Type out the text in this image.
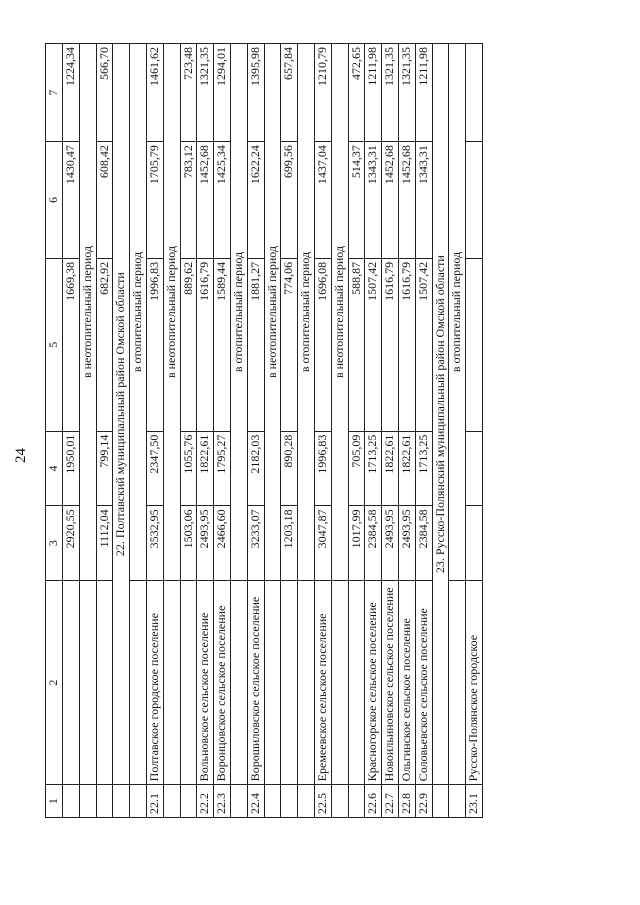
24
1	2	3	4	5	6	7
		2920,55	1950,01	1669,38	1430,47	1224,34
		в неотопительный период				
		1112,04	799,14	682,92	608,42	566,70
	22. Полтавский муниципальный район Омской области					
		в отопительный период				
22.1	Полтавское городское поселение	3532,95	2347,50	1996,83	1705,79	1461,62
		в неотопительный период				
		1503,06	1055,76	889,62	783,12	723,48
22.2	Вольновское сельское поселение	2493,95	1822,61	1616,79	1452,68	1321,35
22.3	Воронцовское сельское поселение	2466,60	1795,27	1589,44	1425,34	1294,01
		в отопительный период				
22.4	Ворошиловское сельское поселение	3233,07	2182,03	1881,27	1622,24	1395,98
		в неотопительный период				
		1203,18	890,28	774,06	699,56	657,84
		в отопительный период				
22.5	Еремеевское сельское поселение	3047,87	1996,83	1696,08	1437,04	1210,79
		в неотопительный период				
		1017,99	705,09	588,87	514,37	472,65
22.6	Красногорское сельское поселение	2384,58	1713,25	1507,42	1343,31	1211,98
22.7	Новоильиновское сельское поселение	2493,95	1822,61	1616,79	1452,68	1321,35
22.8	Ольгинское сельское поселение	2493,95	1822,61	1616,79	1452,68	1321,35
22.9	Соловьевское сельское поселение	2384,58	1713,25	1507,42	1343,31	1211,98
	23. Русско-Полянский муниципальный район Омской области					
		в отопительный период				
23.1	Русско-Полянское городское					
